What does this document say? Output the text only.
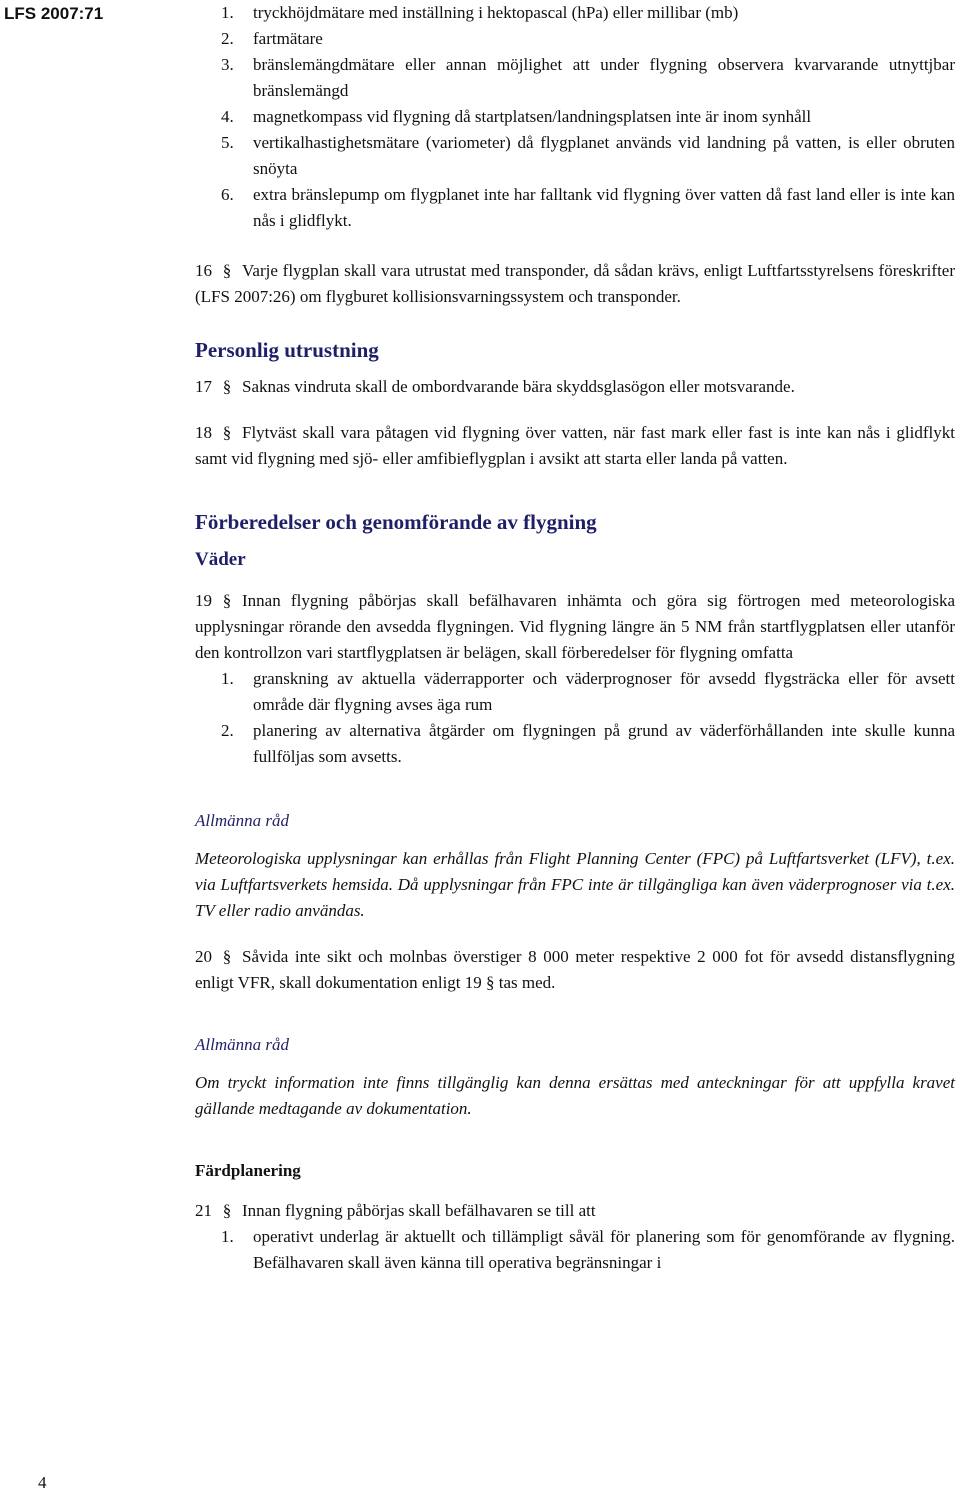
LFS 2007:71	1. tryckhöjdmätare med inställning i hektopascal (hPa) eller millibar (mb)
2. fartmätare
3. bränslemängdmätare eller annan möjlighet att under flygning observera kvarvarande utnyttjbar bränslemängd
4. magnetkompass vid flygning då startplatsen/landningsplatsen inte är inom synhåll
5. vertikalhastighetsmätare (variometer) då flygplanet används vid landning på vatten, is eller obruten snöyta
6. extra bränslepump om flygplanet inte har falltank vid flygning över vatten då fast land eller is inte kan nås i glidflykt.

16 § Varje flygplan skall vara utrustat med transponder, då sådan krävs, enligt Luftfartsstyrelsens föreskrifter (LFS 2007:26) om flygburet kollisionsvarningssystem och transponder.

Personlig utrustning

17 § Saknas vindruta skall de ombordvarande bära skyddsglasögon eller motsvarande.

18 § Flytväst skall vara påtagen vid flygning över vatten, när fast mark eller fast is inte kan nås i glidflykt samt vid flygning med sjö- eller amfibieflygplan i avsikt att starta eller landa på vatten.

Förberedelser och genomförande av flygning
Väder

19 § Innan flygning påbörjas skall befälhavaren inhämta och göra sig förtrogen med meteorologiska upplysningar rörande den avsedda flygningen. Vid flygning längre än 5 NM från startflygplatsen eller utanför den kontrollzon vari startflygplatsen är belägen, skall förberedelser för flygning omfatta

1. granskning av aktuella väderrapporter och väderprognoser för avsedd flygsträcka eller för avsett område där flygning avses äga rum
2. planering av alternativa åtgärder om flygningen på grund av väderförhållanden inte skulle kunna fullföljas som avsetts.

Allmänna råd

Meteorologiska upplysningar kan erhållas från Flight Planning Center (FPC) på Luftfartsverket (LFV), t.ex. via Luftfartsverkets hemsida. Då upplysningar från FPC inte är tillgängliga kan även väderprognoser via t.ex. TV eller radio användas.

20 § Såvida inte sikt och molnbas överstiger 8 000 meter respektive 2 000 fot för avsedd distansflygning enligt VFR, skall dokumentation enligt 19 § tas med.

Allmänna råd

Om tryckt information inte finns tillgänglig kan denna ersättas med anteckningar för att uppfylla kravet gällande medtagande av dokumentation.

Färdplanering

21 § Innan flygning påbörjas skall befälhavaren se till att

1. operativt underlag är aktuellt och tillämpligt såväl för planering som för genomförande av flygning. Befälhavaren skall även känna till operativa begränsningar i
4
